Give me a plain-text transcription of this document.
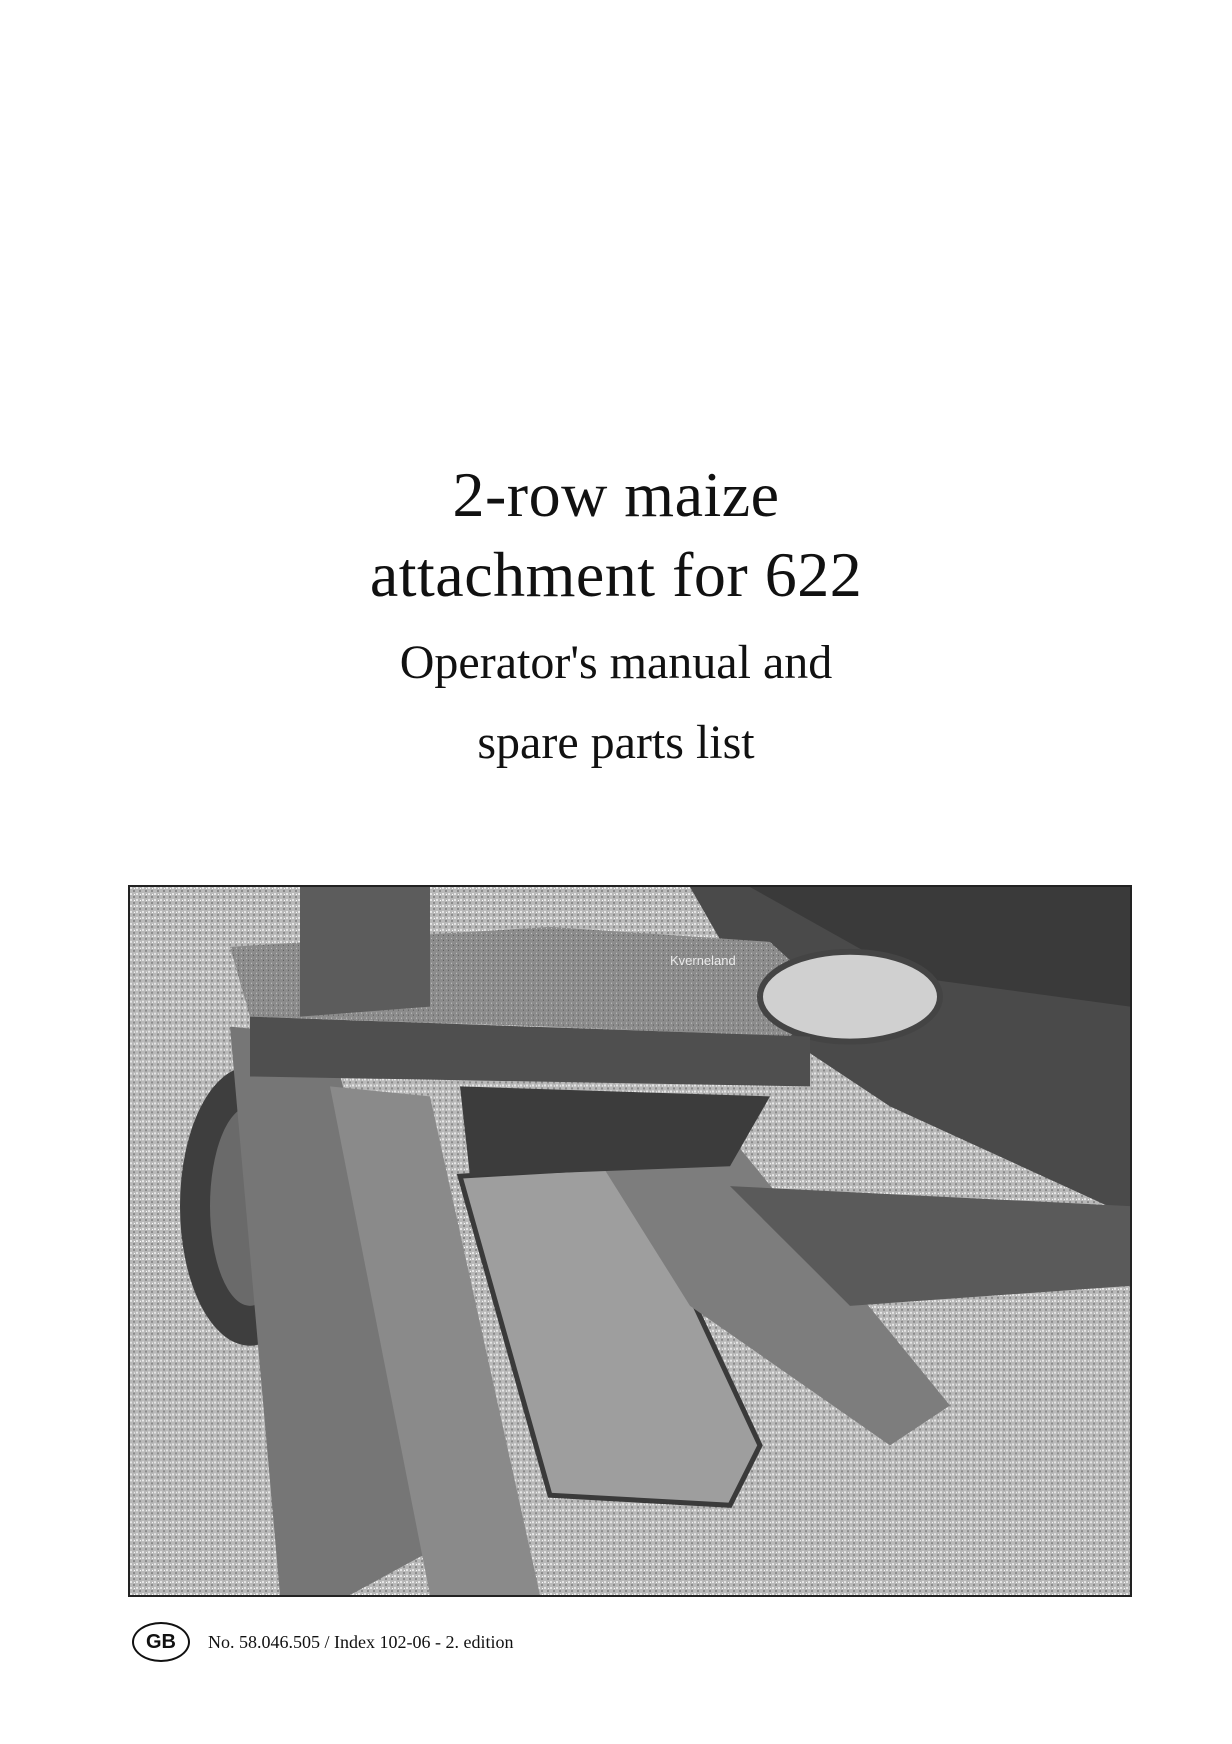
2-row maize
attachment for 622
Operator's manual and
spare parts list
Kverneland
GB	No. 58.046.505 / Index 102-06 - 2. edition
